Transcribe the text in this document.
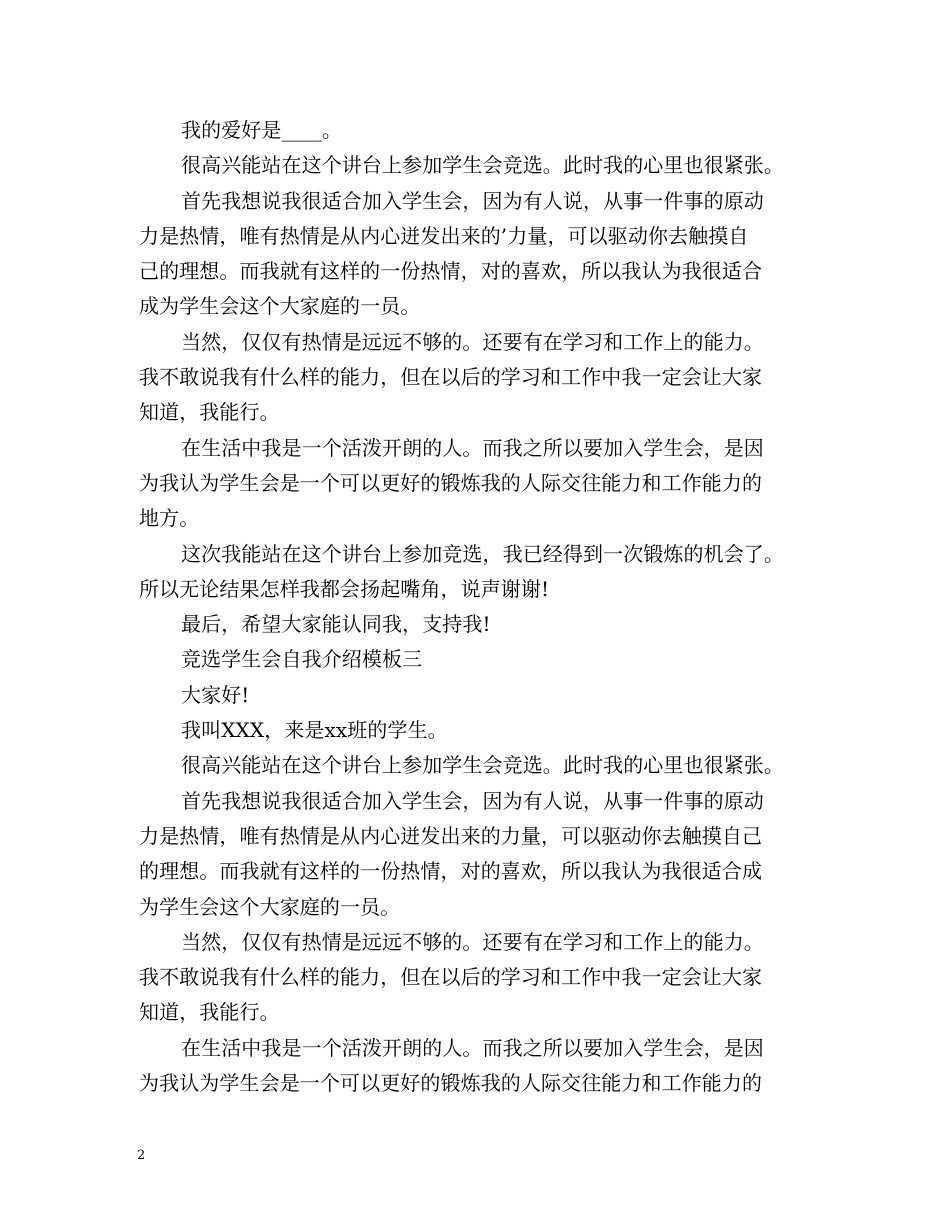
我的爱好是____。
很高兴能站在这个讲台上参加学生会竞选。此时我的心里也很紧张。
首先我想说我很适合加入学生会，因为有人说，从事一件事的原动
力是热情，唯有热情是从内心迸发出来的’力量，可以驱动你去触摸自
己的理想。而我就有这样的一份热情，对的喜欢，所以我认为我很适合
成为学生会这个大家庭的一员。
当然，仅仅有热情是远远不够的。还要有在学习和工作上的能力。
我不敢说我有什么样的能力，但在以后的学习和工作中我一定会让大家
知道，我能行。
在生活中我是一个活泼开朗的人。而我之所以要加入学生会，是因
为我认为学生会是一个可以更好的锻炼我的人际交往能力和工作能力的
地方。
这次我能站在这个讲台上参加竞选，我已经得到一次锻炼的机会了。
所以无论结果怎样我都会扬起嘴角，说声谢谢!
最后，希望大家能认同我，支持我!
竞选学生会自我介绍模板三
大家好!
我叫XXX，来是xx班的学生。
很高兴能站在这个讲台上参加学生会竞选。此时我的心里也很紧张。
首先我想说我很适合加入学生会，因为有人说，从事一件事的原动
力是热情，唯有热情是从内心迸发出来的力量，可以驱动你去触摸自己
的理想。而我就有这样的一份热情，对的喜欢，所以我认为我很适合成
为学生会这个大家庭的一员。
当然，仅仅有热情是远远不够的。还要有在学习和工作上的能力。
我不敢说我有什么样的能力，但在以后的学习和工作中我一定会让大家
知道，我能行。
在生活中我是一个活泼开朗的人。而我之所以要加入学生会，是因
为我认为学生会是一个可以更好的锻炼我的人际交往能力和工作能力的
2
